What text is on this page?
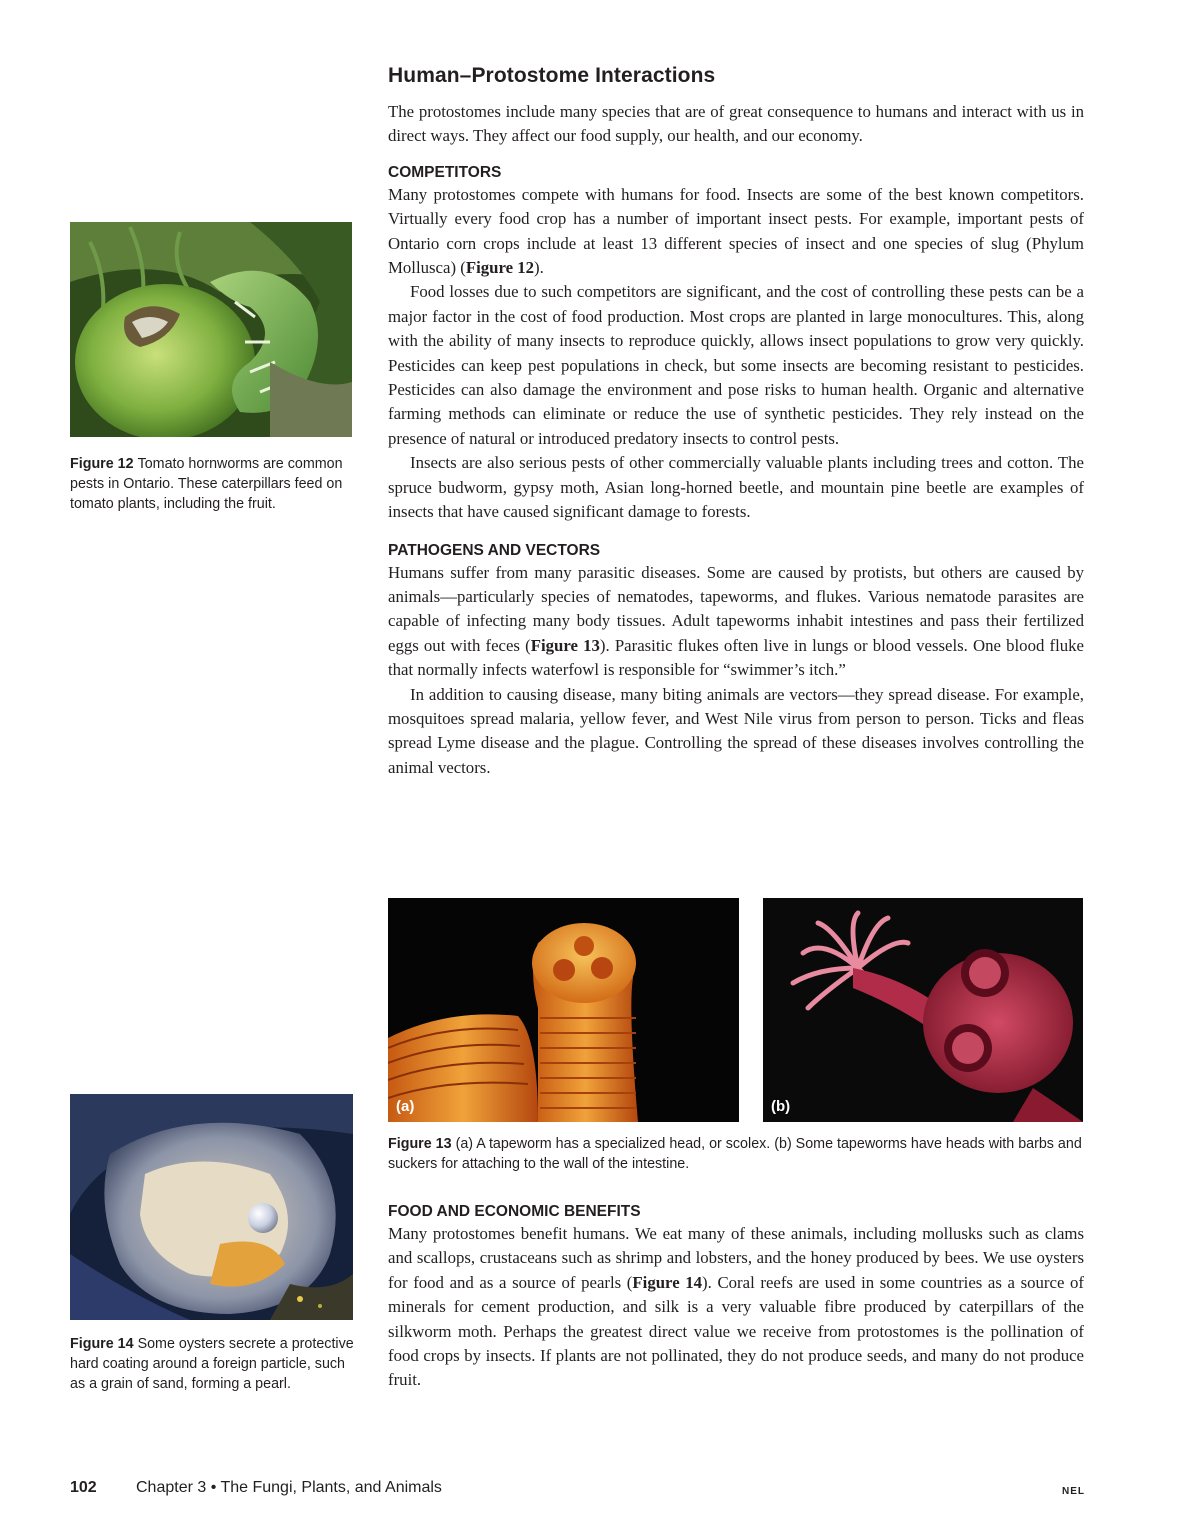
Figure 12 Tomato hornworms are common pests in Ontario. These caterpillars feed on tomato plants, including the fruit.
Figure 14 Some oysters secrete a protective hard coating around a foreign particle, such as a grain of sand, forming a pearl.
Human–Protostome Interactions

The protostomes include many species that are of great consequence to humans and interact with us in direct ways. They affect our food supply, our health, and our economy.

COMPETITORS

Many protostomes compete with humans for food. Insects are some of the best known competitors. Virtually every food crop has a number of important insect pests. For example, important pests of Ontario corn crops include at least 13 different species of insect and one species of slug (Phylum Mollusca) (Figure 12).

Food losses due to such competitors are significant, and the cost of controlling these pests can be a major factor in the cost of food production. Most crops are planted in large monocultures. This, along with the ability of many insects to reproduce quickly, allows insect populations to grow very quickly. Pesticides can keep pest populations in check, but some insects are becoming resistant to pesticides. Pesticides can also damage the environment and pose risks to human health. Organic and alternative farming methods can eliminate or reduce the use of synthetic pesticides. They rely instead on the presence of natural or introduced predatory insects to control pests.

Insects are also serious pests of other commercially valuable plants including trees and cotton. The spruce budworm, gypsy moth, Asian long-horned beetle, and mountain pine beetle are examples of insects that have caused significant damage to forests.

PATHOGENS AND VECTORS

Humans suffer from many parasitic diseases. Some are caused by protists, but others are caused by animals—particularly species of nematodes, tapeworms, and flukes. Various nematode parasites are capable of infecting many body tissues. Adult tapeworms inhabit intestines and pass their fertilized eggs out with feces (Figure 13). Parasitic flukes often live in lungs or blood vessels. One blood fluke that normally infects waterfowl is responsible for “swimmer’s itch.”

In addition to causing disease, many biting animals are vectors—they spread disease. For example, mosquitoes spread malaria, yellow fever, and West Nile virus from person to person. Ticks and fleas spread Lyme disease and the plague. Controlling the spread of these diseases involves controlling the animal vectors.

(a)	(b)
Figure 13 (a) A tapeworm has a specialized head, or scolex. (b) Some tapeworms have heads with barbs and suckers for attaching to the wall of the intestine.
FOOD AND ECONOMIC BENEFITS

Many protostomes benefit humans. We eat many of these animals, including mollusks such as clams and scallops, crustaceans such as shrimp and lobsters, and the honey produced by bees. We use oysters for food and as a source of pearls (Figure 14). Coral reefs are used in some countries as a source of minerals for cement production, and silk is a very valuable fibre produced by caterpillars of the silkworm moth. Perhaps the greatest direct value we receive from protostomes is the pollination of food crops by insects. If plants are not pollinated, they do not produce seeds, and many do not produce fruit.

102 Chapter 3 • The Fungi, Plants, and Animals	NEL
